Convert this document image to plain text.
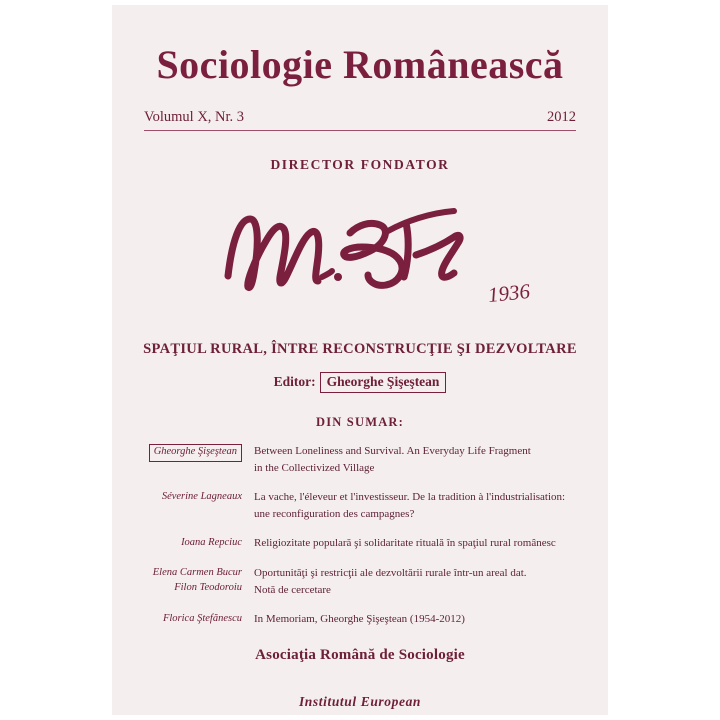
Sociologie Românească
Volumul X, Nr. 3	2012
DIRECTOR FONDATOR
1936
SPAŢIUL RURAL, ÎNTRE RECONSTRUCŢIE ŞI DEZVOLTARE
Editor: Gheorghe Şişeştean
DIN SUMAR:
Gheorghe Şişeştean	Between Loneliness and Survival. An Everyday Life Fragment
in the Collectivized Village
Séverine Lagneaux La vache, l'éleveur et l'investisseur. De la tradition à l'industrialisation:
une reconfiguration des campagnes?
Ioana Repciuc Religiozitate populară şi solidaritate rituală în spaţiul rural românesc
Elena Carmen Bucur
Filon Teodoroiu
Oportunităţi şi restricţii ale dezvoltării rurale într-un areal dat.
Notă de cercetare
Florica Ştefănescu In Memoriam, Gheorghe Şişeştean (1954-2012)
Asociaţia Română de Sociologie
Institutul European
